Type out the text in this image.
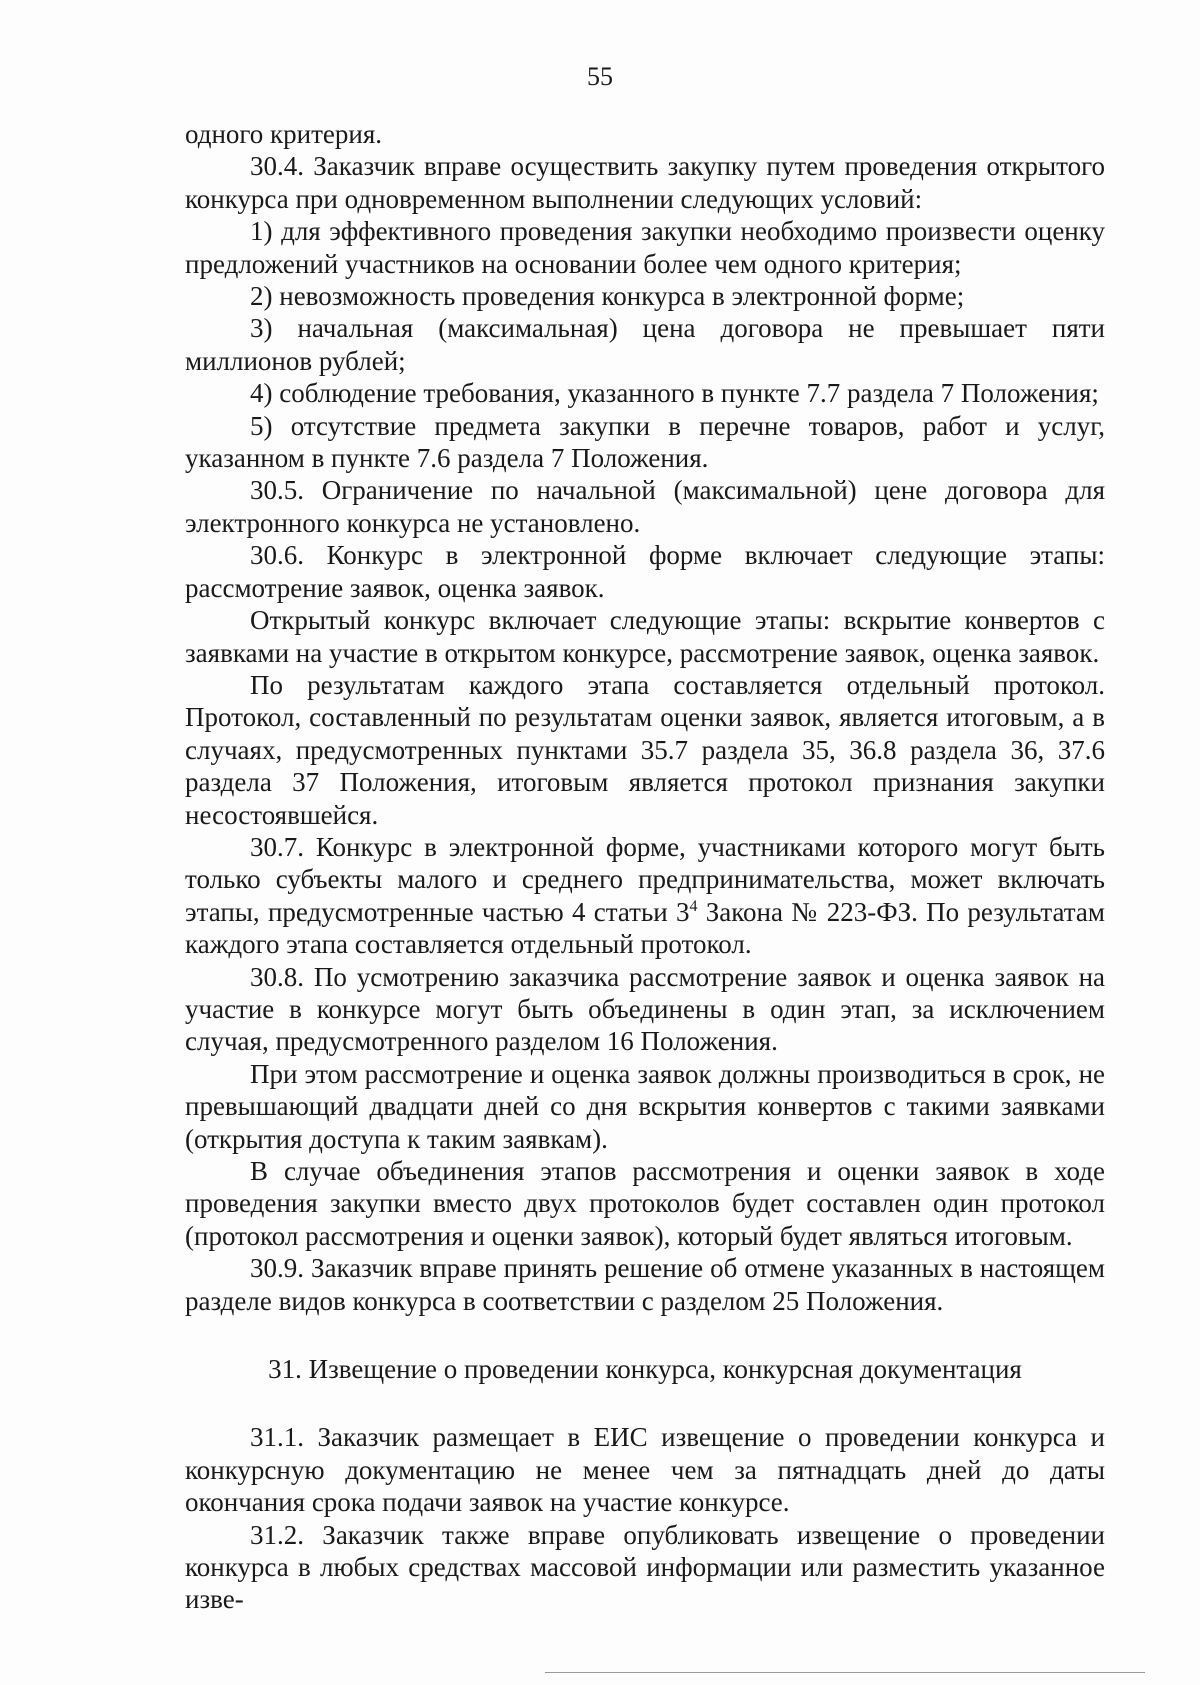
55

одного критерия.

30.4. Заказчик вправе осуществить закупку путем проведения открытого конкурса при одновременном выполнении следующих условий:

1) для эффективного проведения закупки необходимо произвести оценку предложений участников на основании более чем одного критерия;

2) невозможность проведения конкурса в электронной форме;

3) начальная (максимальная) цена договора не превышает пяти миллионов рублей;

4) соблюдение требования, указанного в пункте 7.7 раздела 7 Положения;

5) отсутствие предмета закупки в перечне товаров, работ и услуг, указанном в пункте 7.6 раздела 7 Положения.

30.5. Ограничение по начальной (максимальной) цене договора для электронного конкурса не установлено.

30.6. Конкурс в электронной форме включает следующие этапы: рассмотрение заявок, оценка заявок.

Открытый конкурс включает следующие этапы: вскрытие конвертов с заявками на участие в открытом конкурсе, рассмотрение заявок, оценка заявок.

По результатам каждого этапа составляется отдельный протокол. Протокол, составленный по результатам оценки заявок, является итоговым, а в случаях, предусмотренных пунктами 35.7 раздела 35, 36.8 раздела 36, 37.6 раздела 37 Положения, итоговым является протокол признания закупки несостоявшейся.

30.7. Конкурс в электронной форме, участниками которого могут быть только субъекты малого и среднего предпринимательства, может включать этапы, предусмотренные частью 4 статьи $3^4$ Закона № 223-ФЗ. По результатам каждого этапа составляется отдельный протокол.

30.8. По усмотрению заказчика рассмотрение заявок и оценка заявок на участие в конкурсе могут быть объединены в один этап, за исключением случая, предусмотренного разделом 16 Положения.

При этом рассмотрение и оценка заявок должны производиться в срок, не превышающий двадцати дней со дня вскрытия конвертов с такими заявками (открытия доступа к таким заявкам).

В случае объединения этапов рассмотрения и оценки заявок в ходе проведения закупки вместо двух протоколов будет составлен один протокол (протокол рассмотрения и оценки заявок), который будет являться итоговым.

30.9. Заказчик вправе принять решение об отмене указанных в настоящем разделе видов конкурса в соответствии с разделом 25 Положения.

31. Извещение о проведении конкурса, конкурсная документация

31.1. Заказчик размещает в ЕИС извещение о проведении конкурса и конкурсную документацию не менее чем за пятнадцать дней до даты окончания срока подачи заявок на участие конкурсе.

31.2. Заказчик также вправе опубликовать извещение о проведении конкурса в любых средствах массовой информации или разместить указанное изве-
